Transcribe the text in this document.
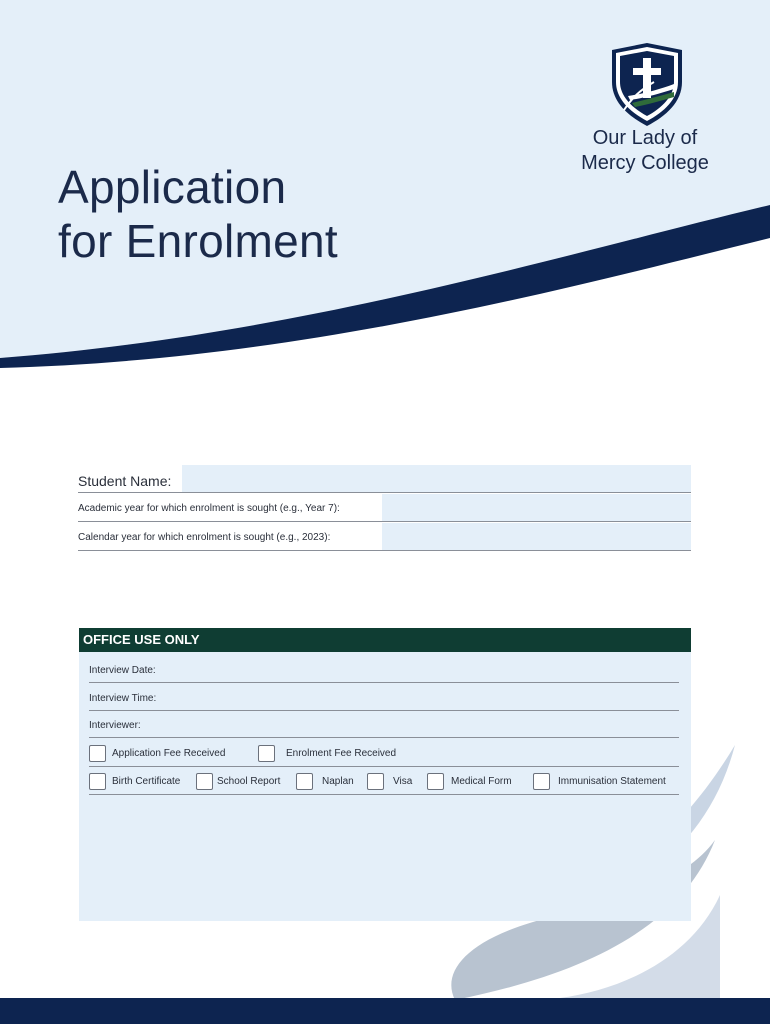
Our Lady of
Mercy College
Application
for Enrolment
Student Name:
Academic year for which enrolment is sought (e.g., Year 7):
Calendar year for which enrolment is sought (e.g., 2023):
OFFICE USE ONLY
Interview Date:
Interview Time:
Interviewer:
Application Fee Received	Enrolment Fee Received
Birth Certificate	School Report	Naplan	Visa	Medical Form	Immunisation Statement
